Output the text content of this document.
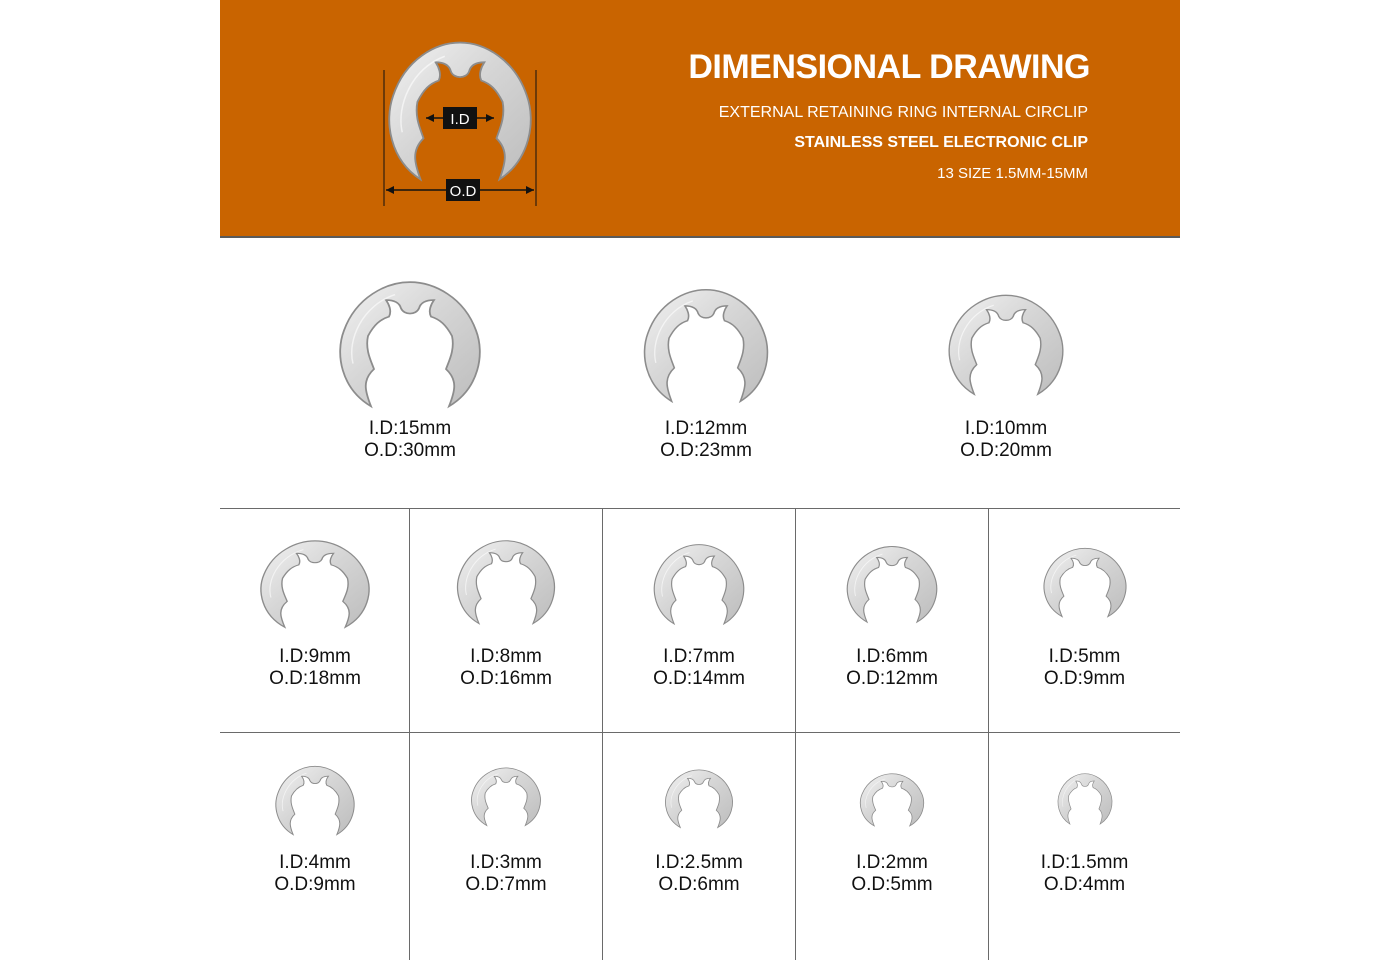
O.D
I.D
DIMENSIONAL DRAWING
EXTERNAL RETAINING RING INTERNAL CIRCLIP
STAINLESS STEEL ELECTRONIC CLIP
13 SIZE 1.5MM-15MM
I.D:15mm
O.D:30mm
I.D:12mm
O.D:23mm
I.D:10mm
O.D:20mm
I.D:9mm
O.D:18mm
I.D:8mm
O.D:16mm
I.D:7mm
O.D:14mm
I.D:6mm
O.D:12mm
I.D:5mm
O.D:9mm
I.D:4mm
O.D:9mm
I.D:3mm
O.D:7mm
I.D:2.5mm
O.D:6mm
I.D:2mm
O.D:5mm
I.D:1.5mm
O.D:4mm
